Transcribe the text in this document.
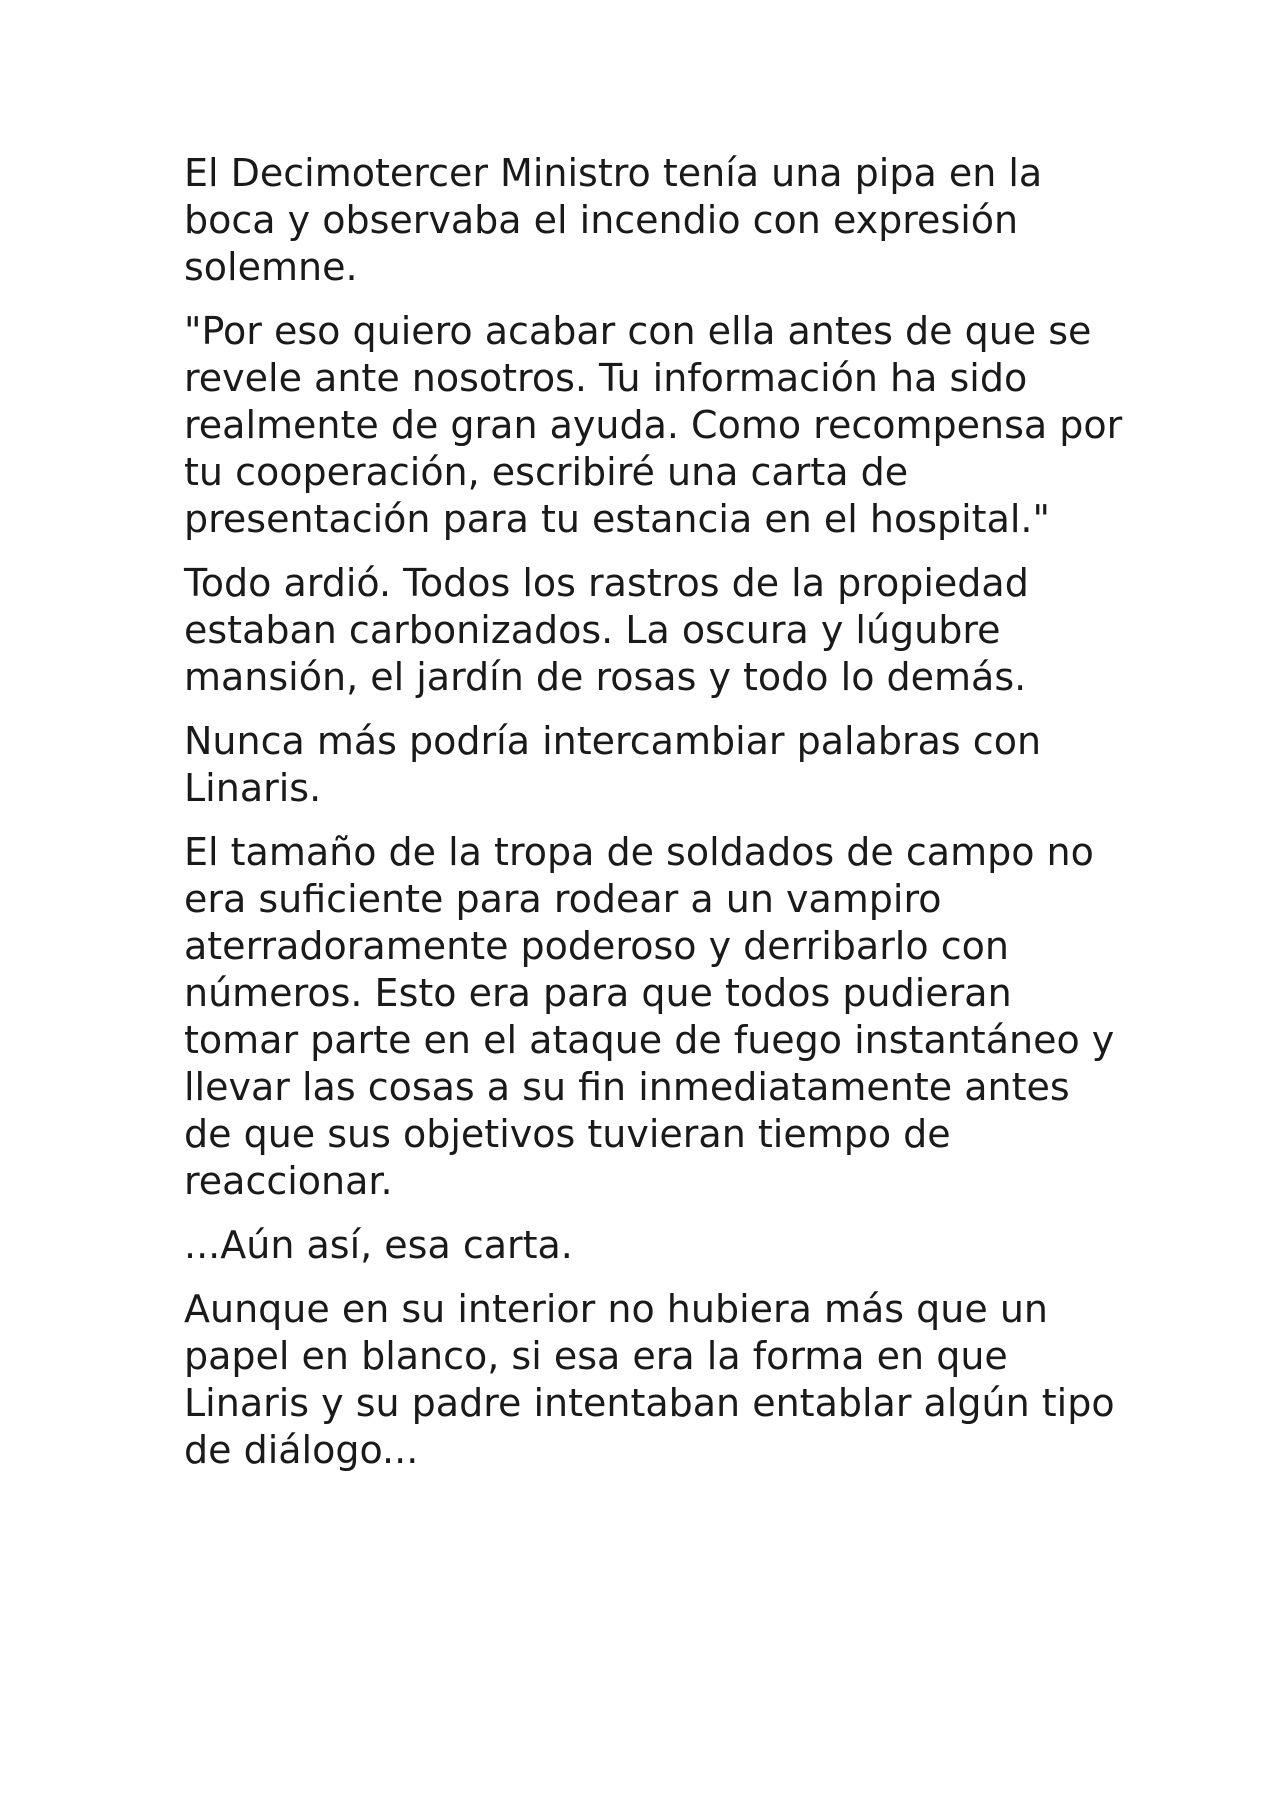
El Decimotercer Ministro tenía una pipa en la boca y observaba el incendio con expresión solemne.

"Por eso quiero acabar con ella antes de que se revele ante nosotros. Tu información ha sido realmente de gran ayuda. Como recompensa por tu cooperación, escribiré una carta de presentación para tu estancia en el hospital."

Todo ardió. Todos los rastros de la propiedad estaban carbonizados. La oscura y lúgubre mansión, el jardín de rosas y todo lo demás.

Nunca más podría intercambiar palabras con Linaris.

El tamaño de la tropa de soldados de campo no era suficiente para rodear a un vampiro aterradoramente poderoso y derribarlo con números. Esto era para que todos pudieran tomar parte en el ataque de fuego instantáneo y llevar las cosas a su fin inmediatamente antes de que sus objetivos tuvieran tiempo de reaccionar.

...Aún así, esa carta.

Aunque en su interior no hubiera más que un papel en blanco, si esa era la forma en que Linaris y su padre intentaban entablar algún tipo de diálogo...
